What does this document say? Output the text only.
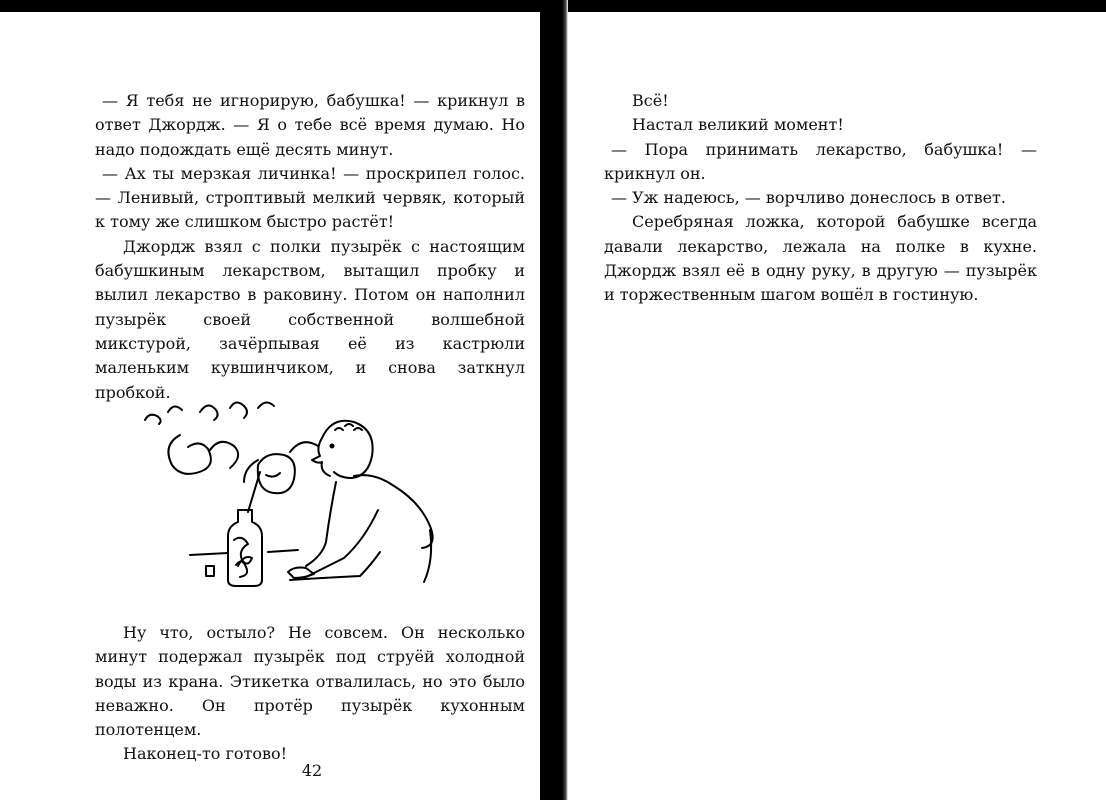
— Я тебя не игнорирую, бабушка! — крикнул в ответ Джордж. — Я о тебе всё время думаю. Но надо подождать ещё десять минут.

— Ах ты мерзкая личинка! — проскрипел голос. — Ленивый, строптивый мелкий червяк, который к тому же слишком быстро растёт!

Джордж взял с полки пузырёк с настоящим бабушкиным лекарством, вытащил пробку и вылил лекарство в раковину. Потом он наполнил пузырёк своей собственной волшебной микстурой, зачёрпывая её из кастрюли маленьким кувшинчиком, и снова заткнул пробкой.

Ну что, остыло? Не совсем. Он несколько минут подержал пузырёк под струёй холодной воды из крана. Этикетка отвалилась, но это было неважно. Он протёр пузырёк кухонным полотенцем.

Наконец-то готово!

42

Всё!

Настал великий момент!

— Пора принимать лекарство, бабушка! — крикнул он.

— Уж надеюсь, — ворчливо донеслось в ответ.

Серебряная ложка, которой бабушке всегда давали лекарство, лежала на полке в кухне. Джордж взял её в одну руку, в другую — пузырёк и торжественным шагом вошёл в гостиную.
